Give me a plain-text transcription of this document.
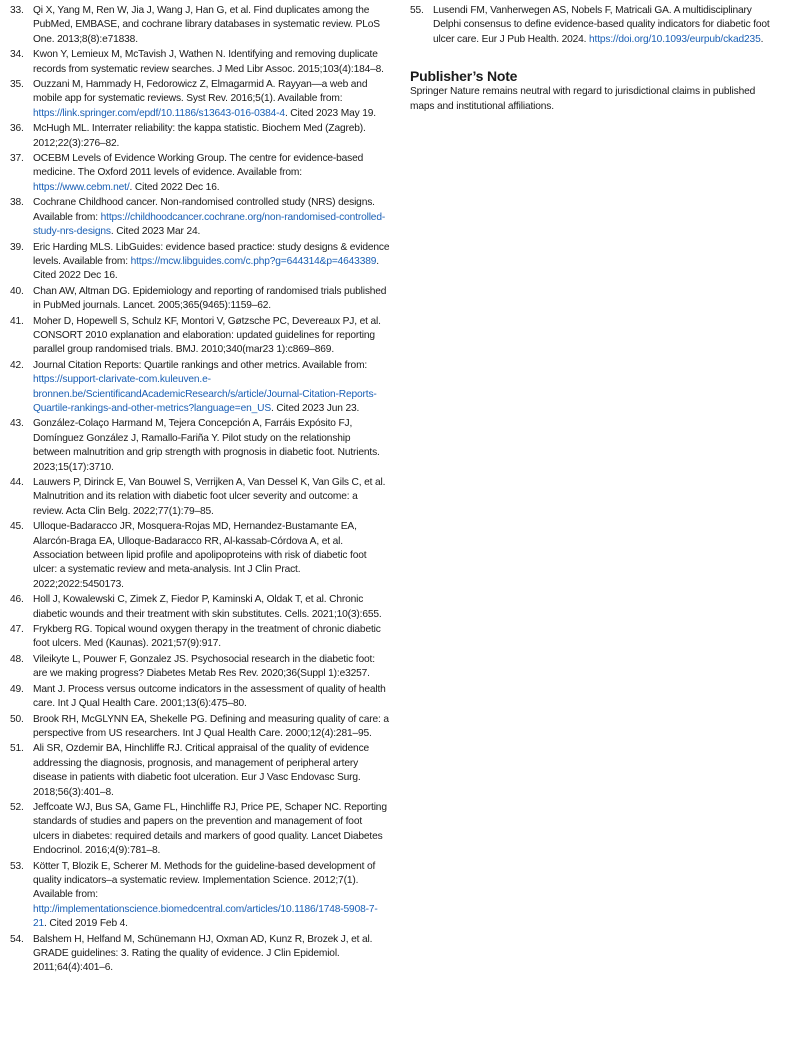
33. Qi X, Yang M, Ren W, Jia J, Wang J, Han G, et al. Find duplicates among the PubMed, EMBASE, and cochrane library databases in systematic review. PLoS One. 2013;8(8):e71838.
34. Kwon Y, Lemieux M, McTavish J, Wathen N. Identifying and removing duplicate records from systematic review searches. J Med Libr Assoc. 2015;103(4):184–8.
35. Ouzzani M, Hammady H, Fedorowicz Z, Elmagarmid A. Rayyan—a web and mobile app for systematic reviews. Syst Rev. 2016;5(1). Available from: https://link.springer.com/epdf/10.1186/s13643-016-0384-4. Cited 2023 May 19.
36. McHugh ML. Interrater reliability: the kappa statistic. Biochem Med (Zagreb). 2012;22(3):276–82.
37. OCEBM Levels of Evidence Working Group. The centre for evidence-based medicine. The Oxford 2011 levels of evidence. Available from: https://www.cebm.net/. Cited 2022 Dec 16.
38. Cochrane Childhood cancer. Non-randomised controlled study (NRS) designs. Available from: https://childhoodcancer.cochrane.org/non-randomised-controlled-study-nrs-designs. Cited 2023 Mar 24.
39. Eric Harding MLS. LibGuides: evidence based practice: study designs & evidence levels. Available from: https://mcw.libguides.com/c.php?g=644314&p=4643389. Cited 2022 Dec 16.
40. Chan AW, Altman DG. Epidemiology and reporting of randomised trials published in PubMed journals. Lancet. 2005;365(9465):1159–62.
41. Moher D, Hopewell S, Schulz KF, Montori V, Gøtzsche PC, Devereaux PJ, et al. CONSORT 2010 explanation and elaboration: updated guidelines for reporting parallel group randomised trials. BMJ. 2010;340(mar23 1):c869–869.
42. Journal Citation Reports: Quartile rankings and other metrics. Available from: https://support-clarivate-com.kuleuven.e-bronnen.be/ScientificandAcademicResearch/s/article/Journal-Citation-Reports-Quartile-rankings-and-other-metrics?language=en_US. Cited 2023 Jun 23.
43. González-Colaço Harmand M, Tejera Concepción A, Farráis Expósito FJ, Domínguez González J, Ramallo-Fariña Y. Pilot study on the relationship between malnutrition and grip strength with prognosis in diabetic foot. Nutrients. 2023;15(17):3710.
44. Lauwers P, Dirinck E, Van Bouwel S, Verrijken A, Van Dessel K, Van Gils C, et al. Malnutrition and its relation with diabetic foot ulcer severity and outcome: a review. Acta Clin Belg. 2022;77(1):79–85.
45. Ulloque-Badaracco JR, Mosquera-Rojas MD, Hernandez-Bustamante EA, Alarcón-Braga EA, Ulloque-Badaracco RR, Al-kassab-Córdova A, et al. Association between lipid profile and apolipoproteins with risk of diabetic foot ulcer: a systematic review and meta-analysis. Int J Clin Pract. 2022;2022:5450173.
46. Holl J, Kowalewski C, Zimek Z, Fiedor P, Kaminski A, Oldak T, et al. Chronic diabetic wounds and their treatment with skin substitutes. Cells. 2021;10(3):655.
47. Frykberg RG. Topical wound oxygen therapy in the treatment of chronic diabetic foot ulcers. Med (Kaunas). 2021;57(9):917.
48. Vileikyte L, Pouwer F, Gonzalez JS. Psychosocial research in the diabetic foot: are we making progress? Diabetes Metab Res Rev. 2020;36(Suppl 1):e3257.
49. Mant J. Process versus outcome indicators in the assessment of quality of health care. Int J Qual Health Care. 2001;13(6):475–80.
50. Brook RH, McGLYNN EA, Shekelle PG. Defining and measuring quality of care: a perspective from US researchers. Int J Qual Health Care. 2000;12(4):281–95.
51. Ali SR, Ozdemir BA, Hinchliffe RJ. Critical appraisal of the quality of evidence addressing the diagnosis, prognosis, and management of peripheral artery disease in patients with diabetic foot ulceration. Eur J Vasc Endovasc Surg. 2018;56(3):401–8.
52. Jeffcoate WJ, Bus SA, Game FL, Hinchliffe RJ, Price PE, Schaper NC. Reporting standards of studies and papers on the prevention and management of foot ulcers in diabetes: required details and markers of good quality. Lancet Diabetes Endocrinol. 2016;4(9):781–8.
53. Kötter T, Blozik E, Scherer M. Methods for the guideline-based development of quality indicators–a systematic review. Implementation Science. 2012;7(1). Available from: http://implementationscience.biomedcentral.com/articles/10.1186/1748-5908-7-21. Cited 2019 Feb 4.
54. Balshem H, Helfand M, Schünemann HJ, Oxman AD, Kunz R, Brozek J, et al. GRADE guidelines: 3. Rating the quality of evidence. J Clin Epidemiol. 2011;64(4):401–6.
55. Lusendi FM, Vanherwegen AS, Nobels F, Matricali GA. A multidisciplinary Delphi consensus to define evidence-based quality indicators for diabetic foot ulcer care. Eur J Pub Health. 2024. https://doi.org/10.1093/eurpub/ckad235.
Publisher’s Note
Springer Nature remains neutral with regard to jurisdictional claims in published maps and institutional affiliations.
